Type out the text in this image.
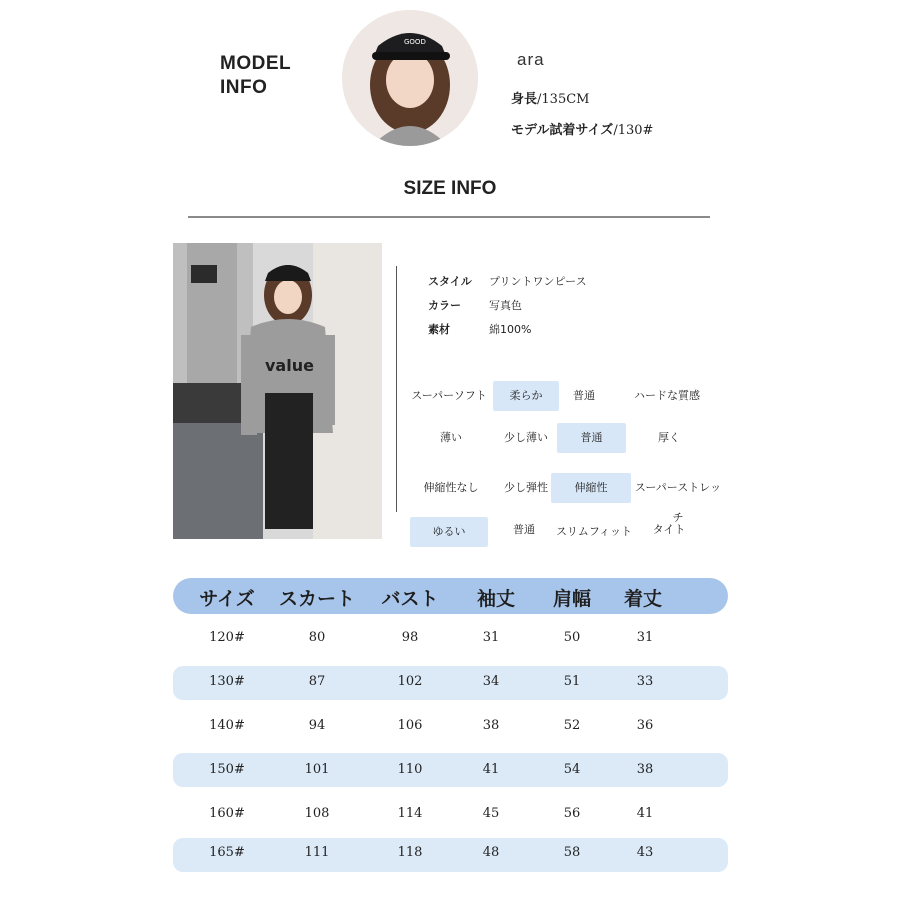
MODEL
INFO
GOOD
ara
身長/135CM
モデル試着サイズ/130#
SIZE INFO
value
スタイル プリントワンピース
カラー	写真色
素材	綿100%
スーパーソフト	柔らか	普通	ハードな質感
薄い	少し薄い	普通	厚く
伸縮性なし	少し弾性	伸縮性	スーパーストレッチ
ゆるい	普通	スリムフィット	タイト
サイズ	スカート	バスト	袖丈	肩幅	着丈
120#	80	98	31	50	31
130#	87	102	34	51	33
140#	94	106	38	52	36
150#	101	110	41	54	38
160#	108	114	45	56	41
165#	111	118	48	58	43
